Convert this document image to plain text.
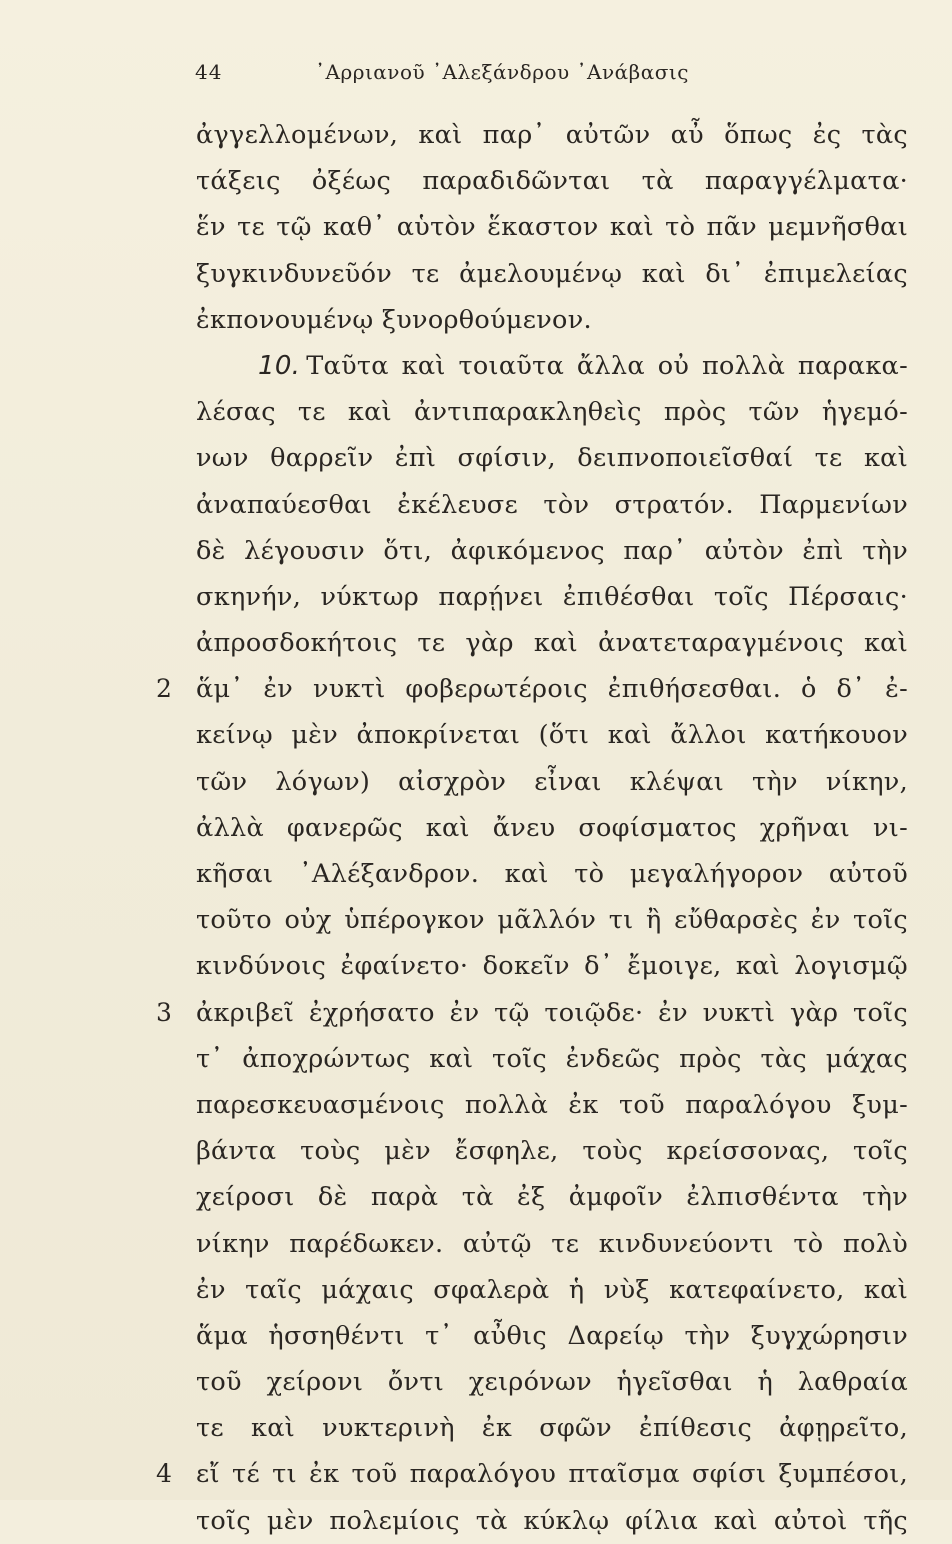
44	᾽Αρριανοῦ ᾽Αλεξάνδρου ᾽Ανάβασις
ἀγγελλομένων, καὶ παρ᾽ αὐτῶν αὖ ὅπως ἐς τὰς
τάξεις ὀξέως παραδιδῶνται τὰ παραγγέλματα·
ἕν τε τῷ καθ᾽ αὑτὸν ἕκαστον καὶ τὸ πᾶν μεμνῆσθαι
ξυγκινδυνεῦόν τε ἀμελουμένῳ καὶ δι᾽ ἐπιμελείας
ἐκπονουμένῳ ξυνορθούμενον.
10. Ταῦτα καὶ τοιαῦτα ἄλλα οὐ πολλὰ παρακα-
λέσας τε καὶ ἀντιπαρακληθεὶς πρὸς τῶν ἡγεμό-
νων θαρρεῖν ἐπὶ σφίσιν, δειπνοποιεῖσθαί τε καὶ
ἀναπαύεσθαι ἐκέλευσε τὸν στρατόν. Παρμενίων
δὲ λέγουσιν ὅτι, ἀφικόμενος παρ᾽ αὐτὸν ἐπὶ τὴν
σκηνήν, νύκτωρ παρῄνει ἐπιθέσθαι τοῖς Πέρσαις·
ἀπροσδοκήτοις τε γὰρ καὶ ἀνατεταραγμένοις καὶ
2 ἅμ᾽ ἐν νυκτὶ φοβερωτέροις ἐπιθήσεσθαι. ὁ δ᾽ ἐ-
κείνῳ μὲν ἀποκρίνεται (ὅτι καὶ ἄλλοι κατήκουον
τῶν λόγων) αἰσχρὸν εἶναι κλέψαι τὴν νίκην,
ἀλλὰ φανερῶς καὶ ἄνευ σοφίσματος χρῆναι νι-
κῆσαι ᾽Αλέξανδρον. καὶ τὸ μεγαλήγορον αὐτοῦ
τοῦτο οὐχ ὑπέρογκον μᾶλλόν τι ἢ εὔθαρσὲς ἐν τοῖς
κινδύνοις ἐφαίνετο· δοκεῖν δ᾽ ἔμοιγε, καὶ λογισμῷ
3 ἀκριβεῖ ἐχρήσατο ἐν τῷ τοιῷδε· ἐν νυκτὶ γὰρ τοῖς
τ᾽ ἀποχρώντως καὶ τοῖς ἐνδεῶς πρὸς τὰς μάχας
παρεσκευασμένοις πολλὰ ἐκ τοῦ παραλόγου ξυμ-
βάντα τοὺς μὲν ἔσφηλε, τοὺς κρείσσονας, τοῖς
χείροσι δὲ παρὰ τὰ ἐξ ἀμφοῖν ἐλπισθέντα τὴν
νίκην παρέδωκεν. αὐτῷ τε κινδυνεύοντι τὸ πολὺ
ἐν ταῖς μάχαις σφαλερὰ ἡ νὺξ κατεφαίνετο, καὶ
ἅμα ἡσσηθέντι τ᾽ αὖθις Δαρείῳ τὴν ξυγχώρησιν
τοῦ χείρονι ὄντι χειρόνων ἡγεῖσθαι ἡ λαθραία
τε καὶ νυκτερινὴ ἐκ σφῶν ἐπίθεσις ἀφῃρεῖτο,
4 εἴ τέ τι ἐκ τοῦ παραλόγου πταῖσμα σφίσι ξυμπέσοι,
τοῖς μὲν πολεμίοις τὰ κύκλῳ φίλια καὶ αὐτοὶ τῆς
